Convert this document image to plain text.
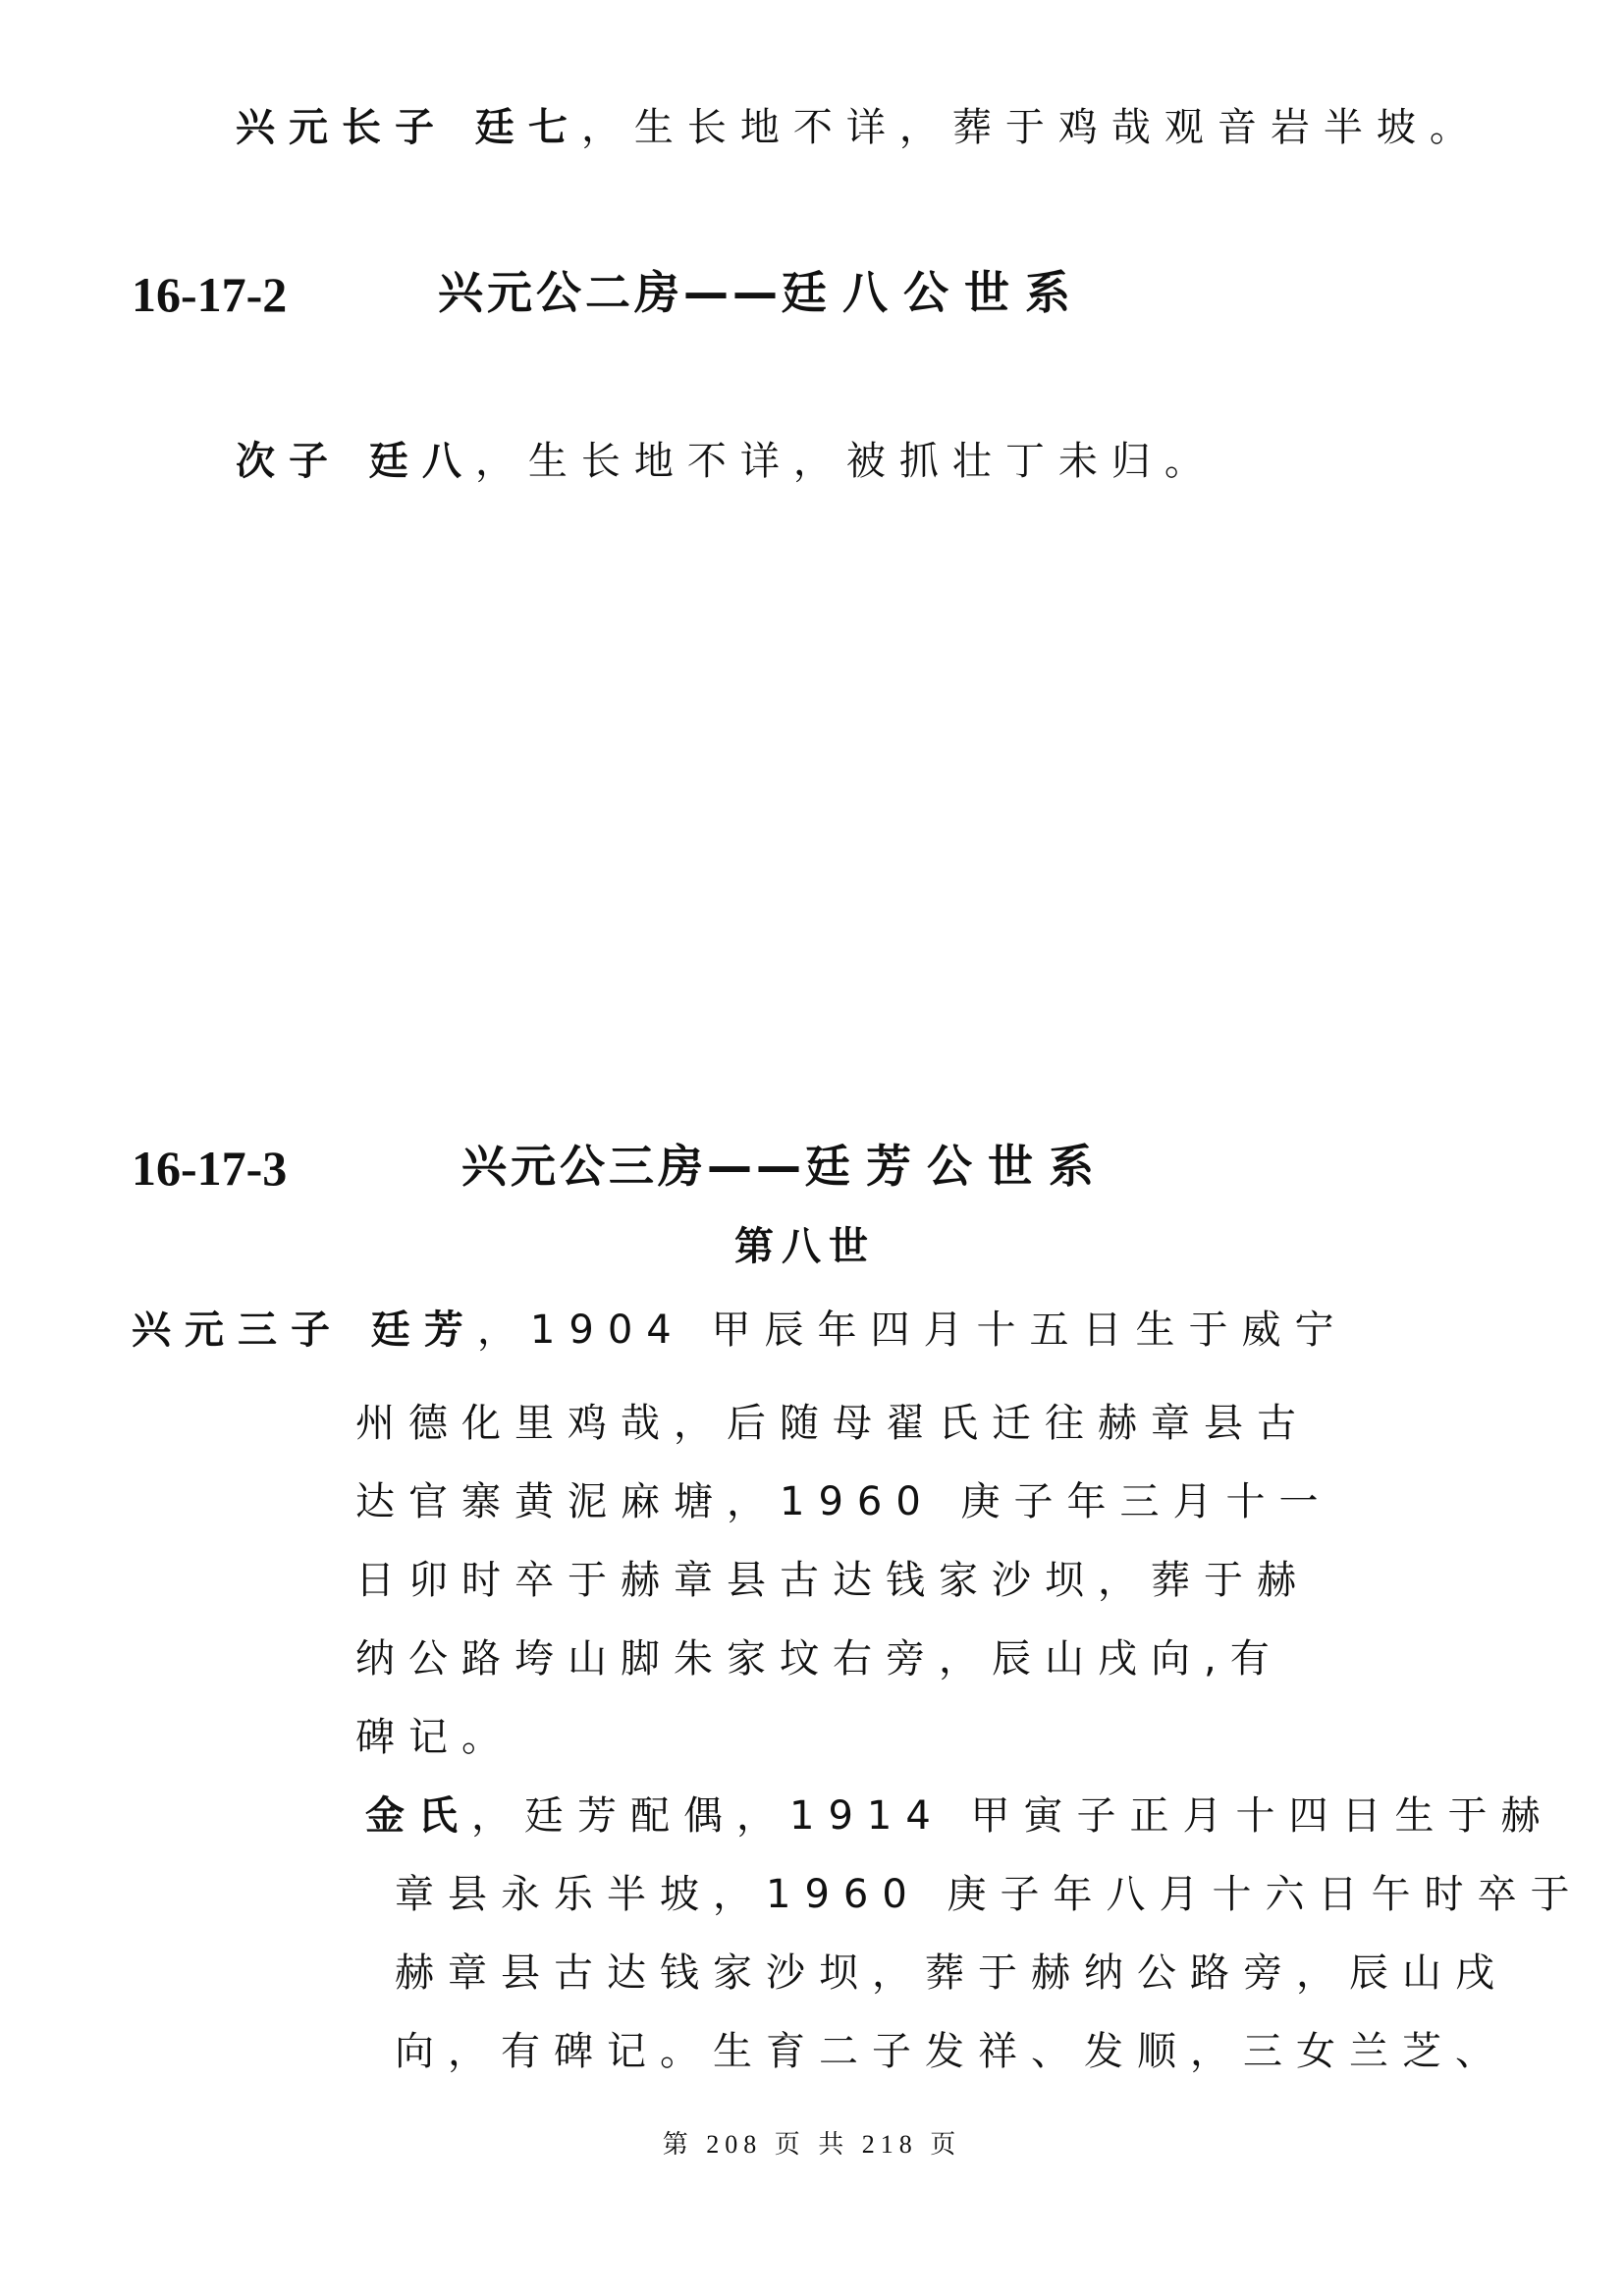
兴元长子 廷七，生长地不详，葬于鸡哉观音岩半坡。
16-17-2	兴元公二房——廷八公世系
次子 廷八，生长地不详，被抓壮丁未归。
16-17-3	兴元公三房——廷芳公世系
第八世
兴元三子 廷芳，1904 甲辰年四月十五日生于威宁
州德化里鸡哉，后随母翟氏迁往赫章县古
达官寨黄泥麻塘，1960 庚子年三月十一
日卯时卒于赫章县古达钱家沙坝，葬于赫
纳公路垮山脚朱家坟右旁，辰山戌向,有
碑记。
金氏，廷芳配偶，1914 甲寅子正月十四日生于赫
章县永乐半坡，1960 庚子年八月十六日午时卒于
赫章县古达钱家沙坝，葬于赫纳公路旁，辰山戌
向，有碑记。生育二子发祥、发顺，三女兰芝、
第 208 页 共 218 页
